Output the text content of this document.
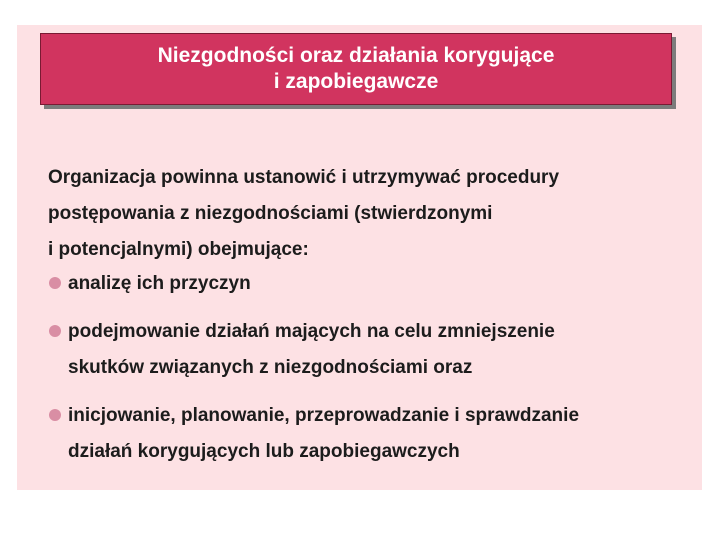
Niezgodności oraz działania korygujące
i zapobiegawcze
Organizacja powinna ustanowić i utrzymywać procedury
postępowania z niezgodnościami (stwierdzonymi
i potencjalnymi) obejmujące:
analizę ich przyczyn
podejmowanie działań mających na celu zmniejszenie
skutków związanych z niezgodnościami oraz
inicjowanie, planowanie, przeprowadzanie i sprawdzanie
działań korygujących lub zapobiegawczych
